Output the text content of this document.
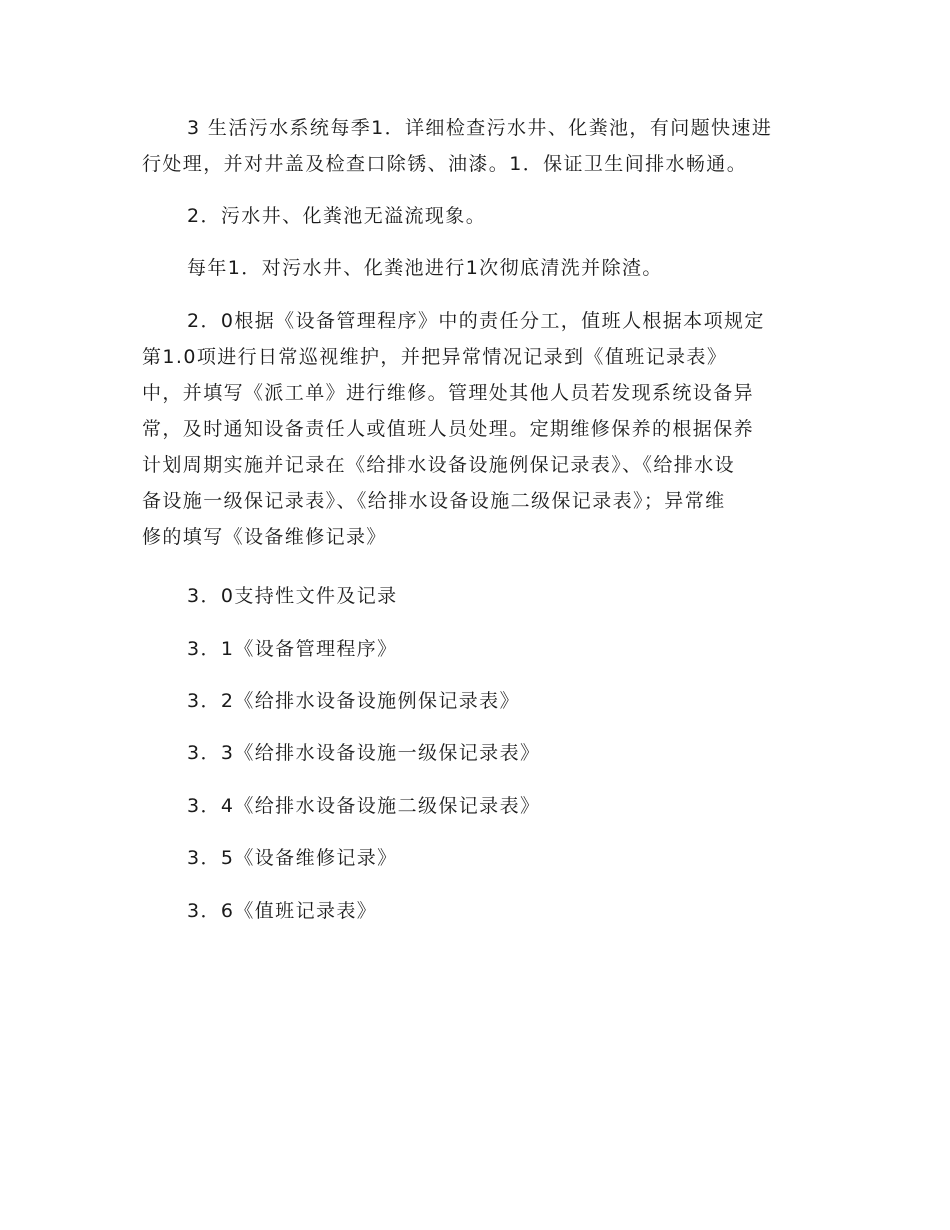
3 生活污水系统每季1．详细检查污水井、化粪池，有问题快速进
行处理，并对井盖及检查口除锈、油漆。1．保证卫生间排水畅通。
2．污水井、化粪池无溢流现象。
每年1．对污水井、化粪池进行1次彻底清洗并除渣。
2．0根据《设备管理程序》中的责任分工，值班人根据本项规定
第1.0项进行日常巡视维护，并把异常情况记录到《值班记录表》
中，并填写《派工单》进行维修。管理处其他人员若发现系统设备异
常，及时通知设备责任人或值班人员处理。定期维修保养的根据保养
计划周期实施并记录在《给排水设备设施例保记录表》、《给排水设
备设施一级保记录表》、《给排水设备设施二级保记录表》；异常维
修的填写《设备维修记录》
3．0支持性文件及记录
3．1《设备管理程序》
3．2《给排水设备设施例保记录表》
3．3《给排水设备设施一级保记录表》
3．4《给排水设备设施二级保记录表》
3．5《设备维修记录》
3．6《值班记录表》
